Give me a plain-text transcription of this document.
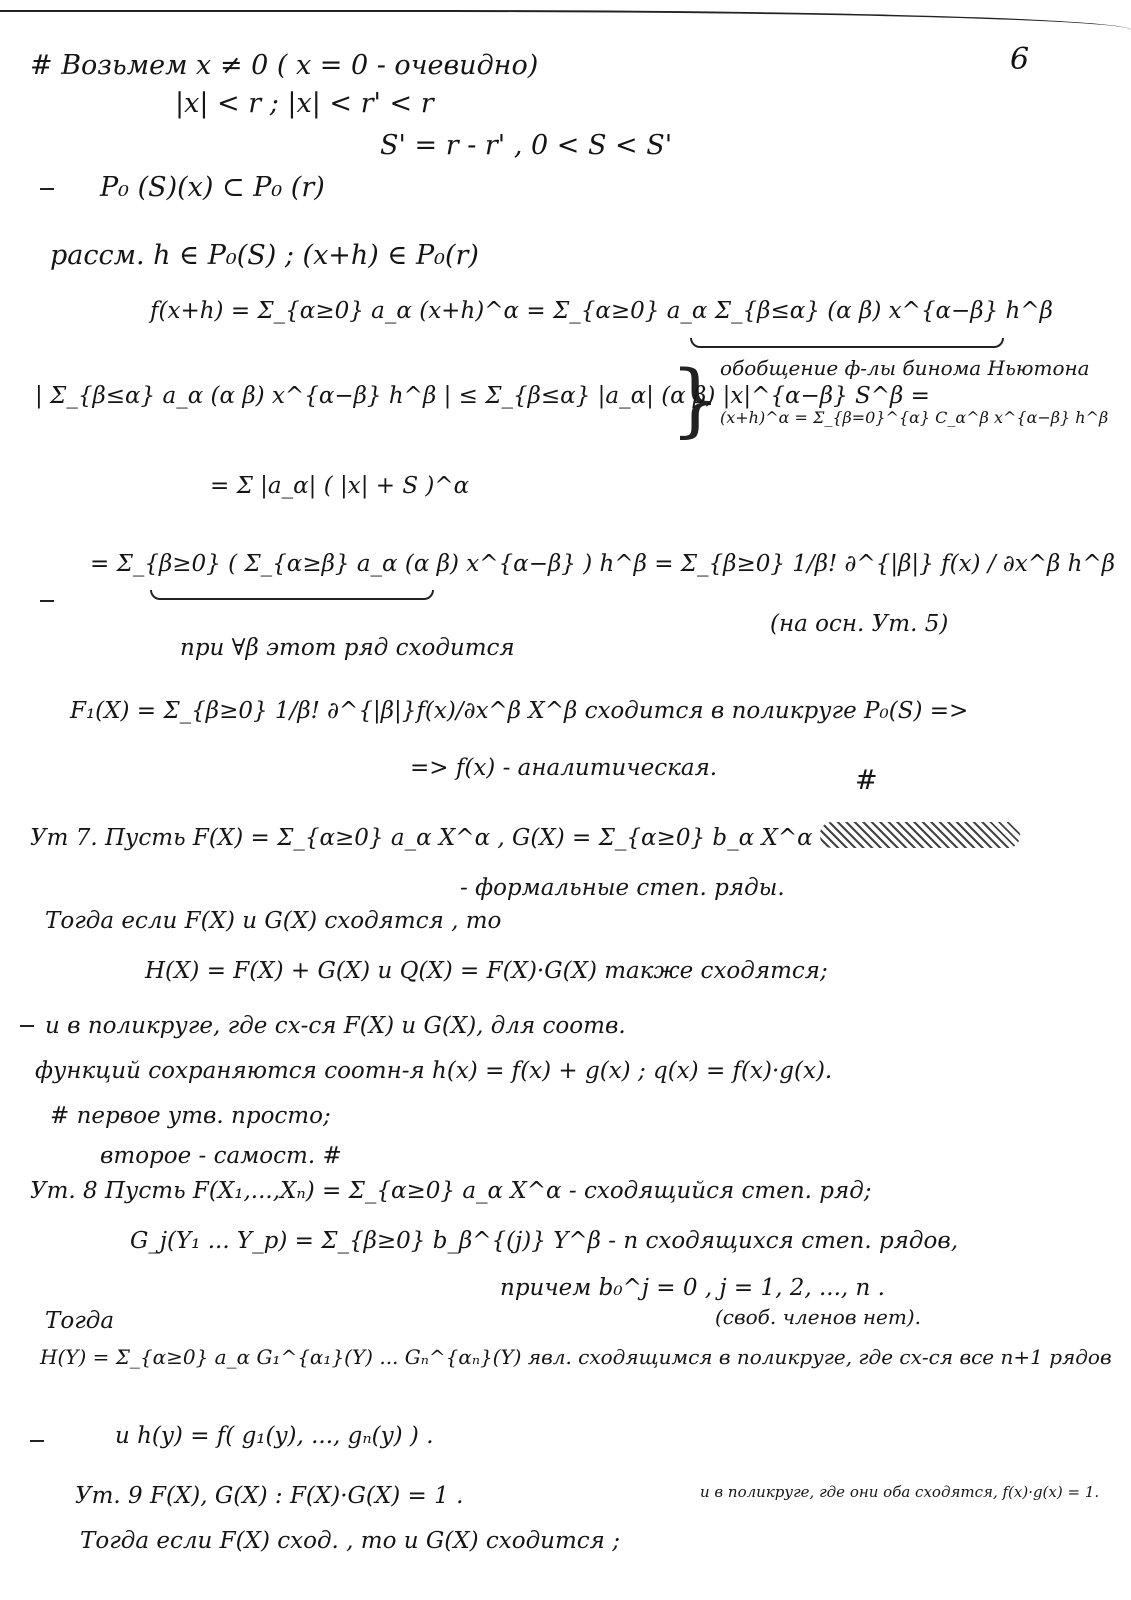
6
# Возьмем x ≠ 0 ( x = 0 - очевидно)
|x| < r ; |x| < r' < r
S' = r - r' , 0 < S < S'
P₀ (S)(x) ⊂ P₀ (r)
рассм. h ∈ P₀(S) ; (x+h) ∈ P₀(r)
f(x+h) = Σ_{α≥0} a_α (x+h)^α = Σ_{α≥0} a_α Σ_{β≤α} (α β) x^{α−β} h^β
обобщение ф-лы бинома Ньютона
(x+h)^α = Σ_{β=0}^{α} C_α^β x^{α−β} h^β
}
| Σ_{β≤α} a_α (α β) x^{α−β} h^β | ≤ Σ_{β≤α} |a_α| (α β) |x|^{α−β} S^β =
= Σ |a_α| ( |x| + S )^α
= Σ_{β≥0} ( Σ_{α≥β} a_α (α β) x^{α−β} ) h^β = Σ_{β≥0} 1/β! ∂^{|β|} f(x) / ∂x^β h^β
(на осн. Ут. 5)
при ∀β этот ряд сходится
F₁(X) = Σ_{β≥0} 1/β! ∂^{|β|}f(x)/∂x^β X^β сходится в поликруге P₀(S) =>
=> f(x) - аналитическая.	#
Ут 7. Пусть F(X) = Σ_{α≥0} a_α X^α , G(X) = Σ_{α≥0} b_α X^α
- формальные степ. ряды.
Тогда если F(X) и G(X) сходятся , то
H(X) = F(X) + G(X) и Q(X) = F(X)·G(X) также сходятся;
и в поликруге, где сх-ся F(X) и G(X), для соотв.
функций сохраняются соотн-я h(x) = f(x) + g(x) ; q(x) = f(x)·g(x).
# первое утв. просто;
второе - самост. #
Ут. 8 Пусть F(X₁,...,Xₙ) = Σ_{α≥0} a_α X^α - сходящийся степ. ряд;
G_j(Y₁ ... Y_p) = Σ_{β≥0} b_β^{(j)} Y^β - n сходящихся степ. рядов,
причем b₀^j = 0 , j = 1, 2, ..., n .
Тогда	(своб. членов нет).
H(Y) = Σ_{α≥0} a_α G₁^{α₁}(Y) ... Gₙ^{αₙ}(Y) явл. сходящимся в поликруге, где сх-ся все n+1 рядов
и h(y) = f( g₁(y), ..., gₙ(y) ) .
Ут. 9 F(X), G(X) : F(X)·G(X) = 1 .	и в поликруге, где они оба сходятся, f(x)·g(x) = 1.
Тогда если F(X) сход. , то и G(X) сходится ;
